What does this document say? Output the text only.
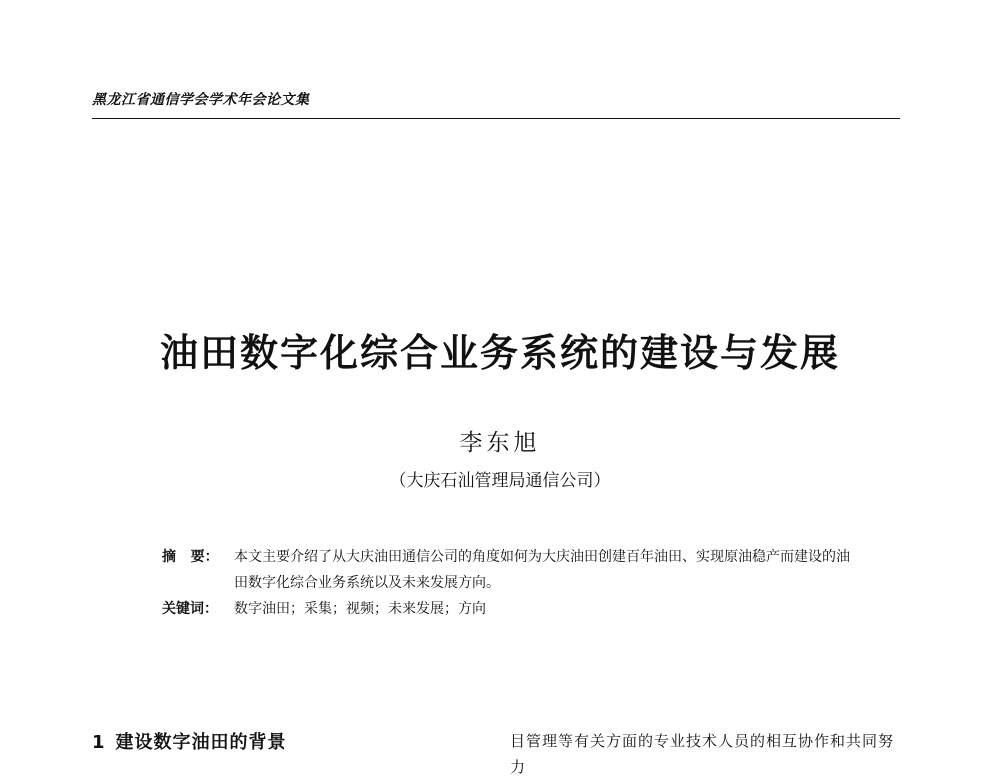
黑龙江省通信学会学术年会论文集
油田数字化综合业务系统的建设与发展
李东旭
（大庆石汕管理局通信公司）
摘   要：	本文主要介绍了从大庆油田通信公司的角度如何为大庆油田创建百年油田、实现原油稳产而建设的油田数字化综合业务系统以及未来发展方向。
关键词：	数字油田；采集；视频；未来发展；方向
1 建设数字油田的背景	目管理等有关方面的专业技术人员的相互协作和共同努力
